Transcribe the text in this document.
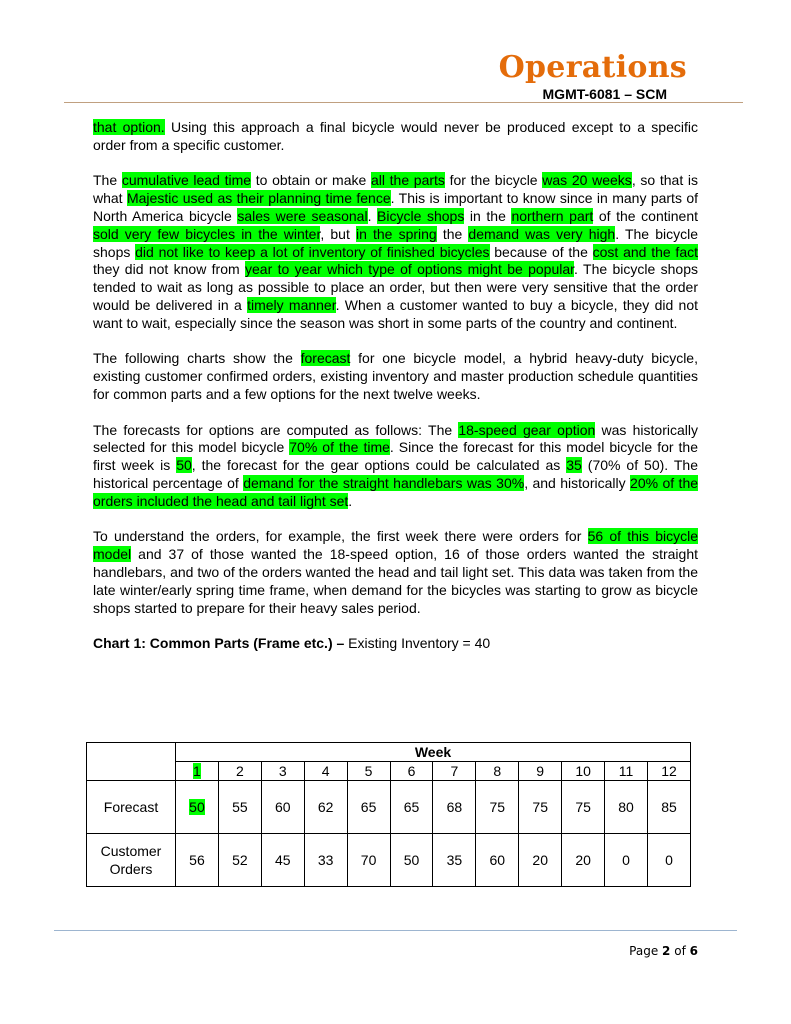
Operations
MGMT-6081 – SCM

that option. Using this approach a final bicycle would never be produced except to a specific order from a specific customer.

The cumulative lead time to obtain or make all the parts for the bicycle was 20 weeks, so that is what Majestic used as their planning time fence. This is important to know since in many parts of North America bicycle sales were seasonal. Bicycle shops in the northern part of the continent sold very few bicycles in the winter, but in the spring the demand was very high. The bicycle shops did not like to keep a lot of inventory of finished bicycles because of the cost and the fact they did not know from year to year which type of options might be popular. The bicycle shops tended to wait as long as possible to place an order, but then were very sensitive that the order would be delivered in a timely manner. When a customer wanted to buy a bicycle, they did not want to wait, especially since the season was short in some parts of the country and continent.

The following charts show the forecast for one bicycle model, a hybrid heavy-duty bicycle, existing customer confirmed orders, existing inventory and master production schedule quantities for common parts and a few options for the next twelve weeks.

The forecasts for options are computed as follows: The 18-speed gear option was historically selected for this model bicycle 70% of the time. Since the forecast for this model bicycle for the first week is 50, the forecast for the gear options could be calculated as 35 (70% of 50). The historical percentage of demand for the straight handlebars was 30%, and historically 20% of the orders included the head and tail light set.

To understand the orders, for example, the first week there were orders for 56 of this bicycle model and 37 of those wanted the 18-speed option, 16 of those orders wanted the straight handlebars, and two of the orders wanted the head and tail light set. This data was taken from the late winter/early spring time frame, when demand for the bicycles was starting to grow as bicycle shops started to prepare for their heavy sales period.

Chart 1: Common Parts (Frame etc.) – Existing Inventory = 40

	Week											
	1	2	3	4	5	6	7	8	9	10	11	12
Forecast	50	55	60	62	65	65	68	75	75	75	80	85
Customer
Orders	56	52	45	33	70	50	35	60	20	20	0	0
Page 2 of 6
